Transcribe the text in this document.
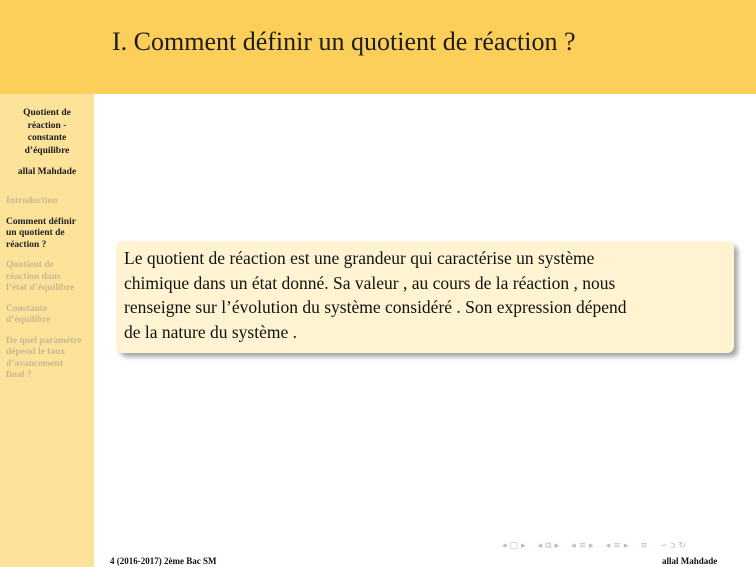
Quotient de
réaction -
constante
d’équilibre
allal Mahdade
Introduction
Comment définir
un quotient de
réaction ?
Quotient de
réaction dans
l’état d’équilibre
Constante
d’équilibre
De quel paramètre
dépend le taux
d’avancement
final ?
I. Comment définir un quotient de réaction ?
Le quotient de réaction est une grandeur qui caractérise un système
chimique dans un état donné. Sa valeur , au cours de la réaction , nous
renseigne sur l’évolution du système considéré . Son expression dépend
de la nature du système .
◂ □ ▸ ◂ ⧉ ▸ ◂ ≡ ▸ ◂ ≡ ▸ ≡ ∽ ↄ ↻
4 (2016-2017) 2ème Bac SM	allal Mahdade
